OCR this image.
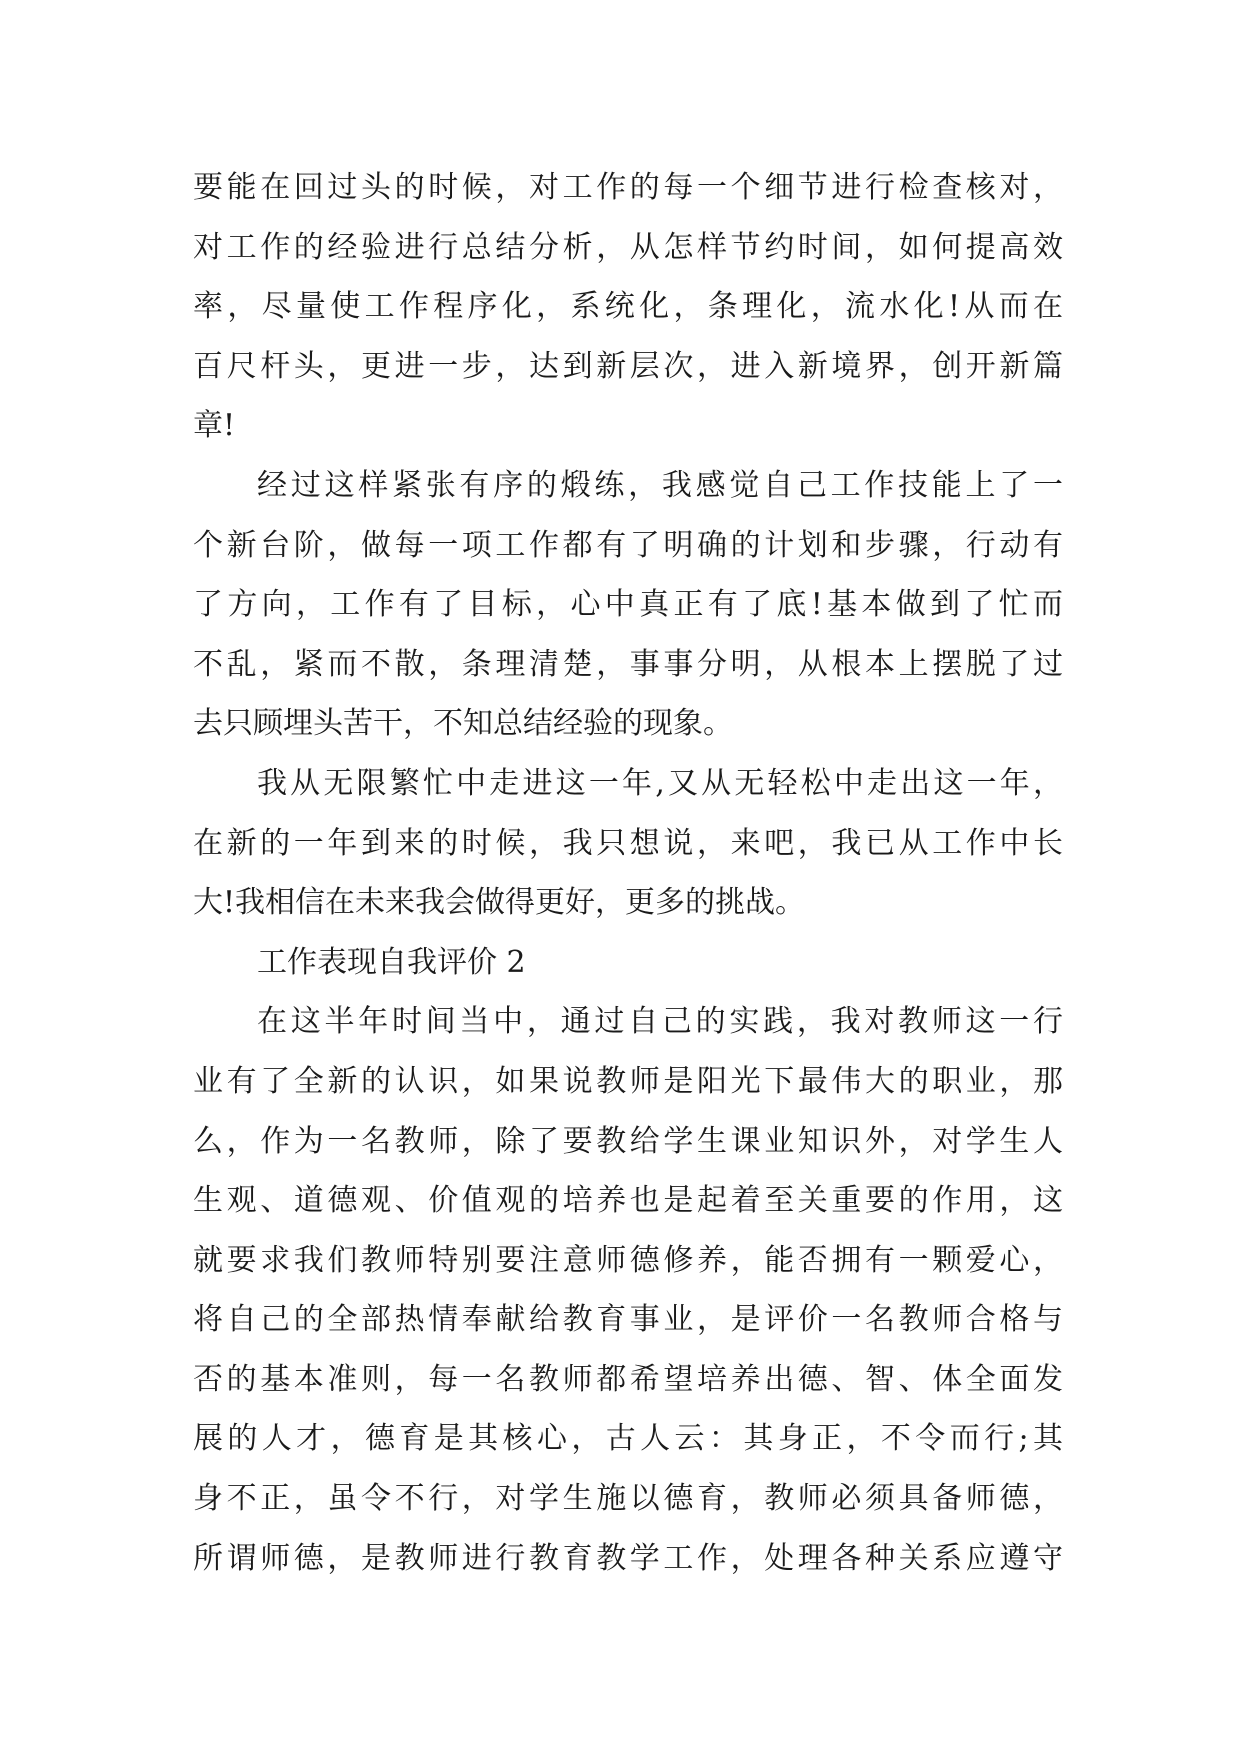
要能在回过头的时候，对工作的每一个细节进行检查核对，
对工作的经验进行总结分析，从怎样节约时间，如何提高效
率，尽量使工作程序化，系统化，条理化，流水化!从而在
百尺杆头，更进一步，达到新层次，进入新境界，创开新篇
章!
经过这样紧张有序的煅练，我感觉自己工作技能上了一
个新台阶，做每一项工作都有了明确的计划和步骤，行动有
了方向，工作有了目标，心中真正有了底!基本做到了忙而
不乱，紧而不散，条理清楚，事事分明，从根本上摆脱了过
去只顾埋头苦干，不知总结经验的现象。
我从无限繁忙中走进这一年,又从无轻松中走出这一年，
在新的一年到来的时候，我只想说，来吧，我已从工作中长
大!我相信在未来我会做得更好，更多的挑战。
工作表现自我评价 2
在这半年时间当中，通过自己的实践，我对教师这一行
业有了全新的认识，如果说教师是阳光下最伟大的职业，那
么，作为一名教师，除了要教给学生课业知识外，对学生人
生观、道德观、价值观的培养也是起着至关重要的作用，这
就要求我们教师特别要注意师德修养，能否拥有一颗爱心，
将自己的全部热情奉献给教育事业，是评价一名教师合格与
否的基本准则，每一名教师都希望培养出德、智、体全面发
展的人才，德育是其核心，古人云：其身正，不令而行;其
身不正，虽令不行，对学生施以德育，教师必须具备师德，
所谓师德，是教师进行教育教学工作，处理各种关系应遵守
